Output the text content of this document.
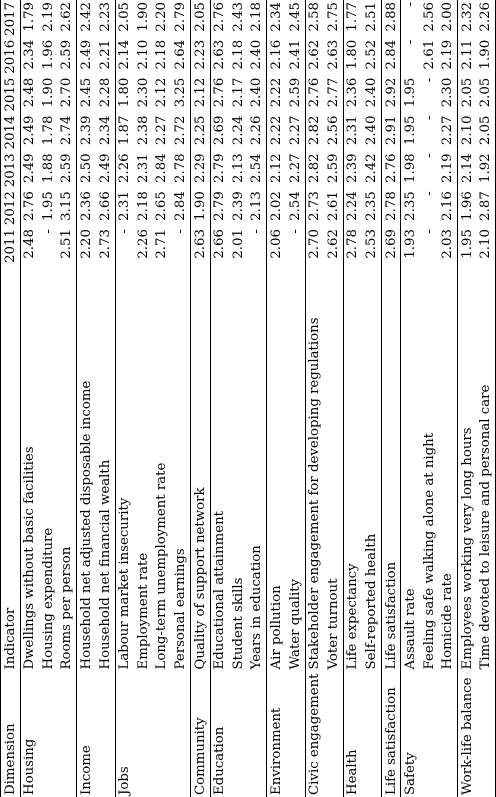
Dimension	Indicator	2011	2012	2013	2014	2015	2016	2017
Housing	Dwellings without basic facilities	2.48	2.76	2.49	2.49	2.48	2.34	1.79
	Housing expenditure	-	1.95	1.88	1.78	1.90	1.96	2.19
	Rooms per person	2.51	3.15	2.59	2.74	2.70	2.59	2.62
Income	Household net adjusted disposable income	2.20	2.36	2.50	2.39	2.45	2.49	2.42
	Household net financial wealth	2.73	2.66	2.49	2.34	2.28	2.21	2.23
Jobs	Labour market insecurity	-	2.31	2.26	1.87	1.80	2.14	2.05
	Employment rate	2.26	2.18	2.31	2.38	2.30	2.10	1.90
	Long-term unemployment rate	2.71	2.65	2.84	2.27	2.12	2.18	2.20
	Personal earnings	-	2.84	2.78	2.72	3.25	2.64	2.79
Community	Quality of support network	2.63	1.90	2.29	2.25	2.12	2.23	2.05
Education	Educational attainment	2.66	2.79	2.79	2.69	2.76	2.63	2.76
	Student skills	2.01	2.39	2.13	2.24	2.17	2.18	2.43
	Years in education	-	2.13	2.54	2.26	2.40	2.40	2.18
Environment	Air pollution	2.06	2.02	2.12	2.22	2.22	2.16	2.34
	Water quality	-	2.54	2.27	2.27	2.59	2.41	2.45
Civic engagement	Stakeholder engagement for developing regulations	2.70	2.73	2.82	2.82	2.76	2.62	2.58
	Voter turnout	2.62	2.61	2.59	2.56	2.77	2.63	2.75
Health	Life expectancy	2.78	2.24	2.39	2.31	2.36	1.80	1.77
	Self-reported health	2.53	2.35	2.42	2.40	2.40	2.52	2.51
Life satisfaction	Life satisfaction	2.69	2.78	2.76	2.91	2.92	2.84	2.88
Safety	Assault rate	1.93	2.35	1.98	1.95	1.95	-	-
	Feeling safe walking alone at night	-	-	-	-	-	2.61	2.56
	Homicide rate	2.03	2.16	2.19	2.27	2.30	2.19	2.00
Work-life balance	Employees working very long hours	1.95	1.96	2.14	2.10	2.05	2.11	2.32
	Time devoted to leisure and personal care	2.10	2.87	1.92	2.05	2.05	1.90	2.26
